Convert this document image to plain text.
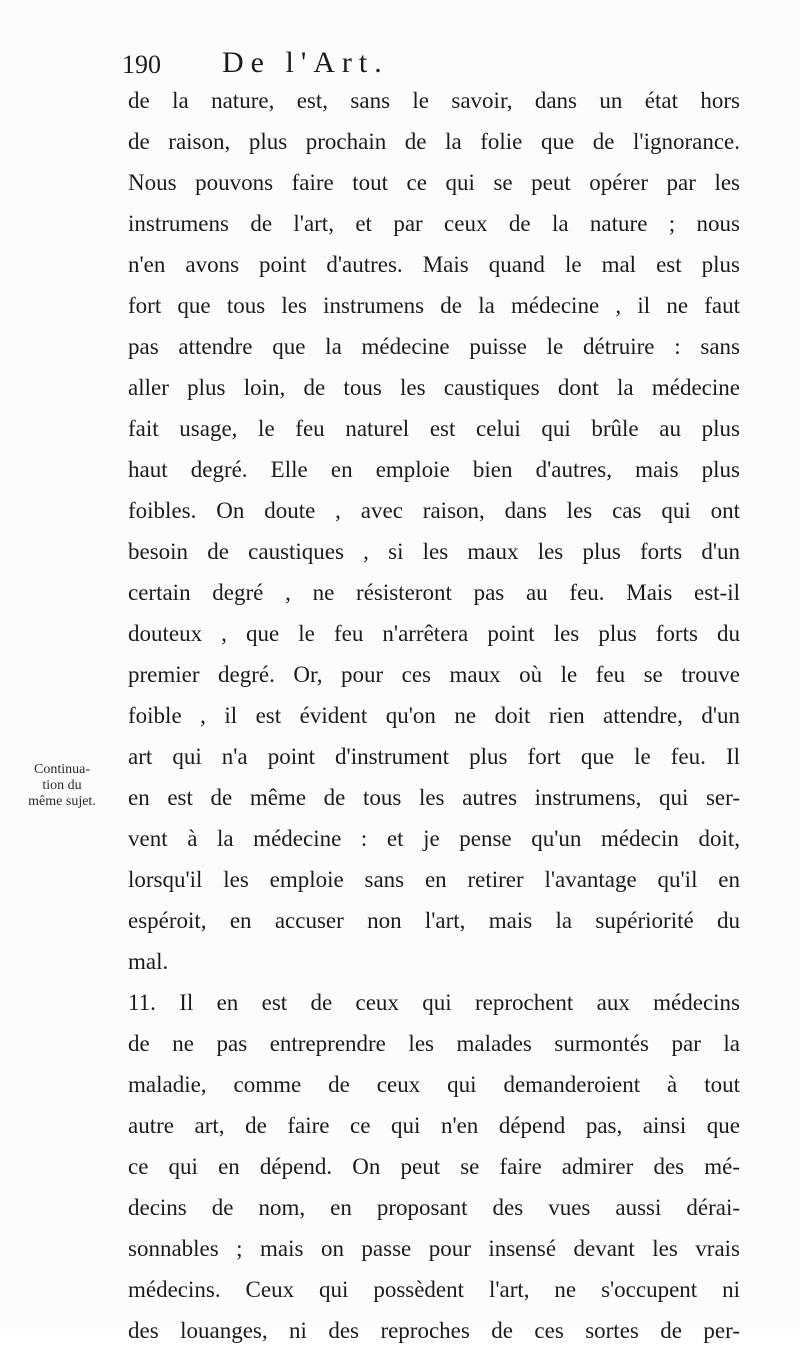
190 De l'Art.
Continua-
tion du
même sujet.
de la nature, est, sans le savoir, dans un état hors
de raison, plus prochain de la folie que de l'ignorance.
Nous pouvons faire tout ce qui se peut opérer par les
instrumens de l'art, et par ceux de la nature ; nous
n'en avons point d'autres. Mais quand le mal est plus
fort que tous les instrumens de la médecine , il ne faut
pas attendre que la médecine puisse le détruire : sans
aller plus loin, de tous les caustiques dont la médecine
fait usage, le feu naturel est celui qui brûle au plus
haut degré. Elle en emploie bien d'autres, mais plus
foibles. On doute , avec raison, dans les cas qui ont
besoin de caustiques , si les maux les plus forts d'un
certain degré , ne résisteront pas au feu. Mais est-il
douteux , que le feu n'arrêtera point les plus forts du
premier degré. Or, pour ces maux où le feu se trouve
foible , il est évident qu'on ne doit rien attendre, d'un
art qui n'a point d'instrument plus fort que le feu. Il
en est de même de tous les autres instrumens, qui ser-
vent à la médecine : et je pense qu'un médecin doit,
lorsqu'il les emploie sans en retirer l'avantage qu'il en
espéroit, en accuser non l'art, mais la supériorité du
mal.
11. Il en est de ceux qui reprochent aux médecins
de ne pas entreprendre les malades surmontés par la
maladie, comme de ceux qui demanderoient à tout
autre art, de faire ce qui n'en dépend pas, ainsi que
ce qui en dépend. On peut se faire admirer des mé-
decins de nom, en proposant des vues aussi dérai-
sonnables ; mais on passe pour insensé devant les vrais
médecins. Ceux qui possèdent l'art, ne s'occupent ni
des louanges, ni des reproches de ces sortes de per-
